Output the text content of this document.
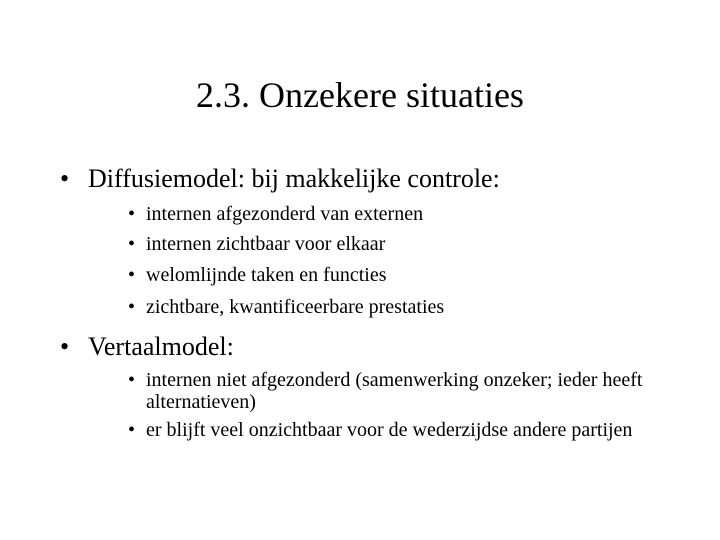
2.3. Onzekere situaties
• Diffusiemodel: bij makkelijke controle:
• internen afgezonderd van externen
• internen zichtbaar voor elkaar
• welomlijnde taken en functies
• zichtbare, kwantificeerbare prestaties
• Vertaalmodel:
• internen niet afgezonderd (samenwerking onzeker; ieder heeft alternatieven)
• er blijft veel onzichtbaar voor de wederzijdse andere partijen
